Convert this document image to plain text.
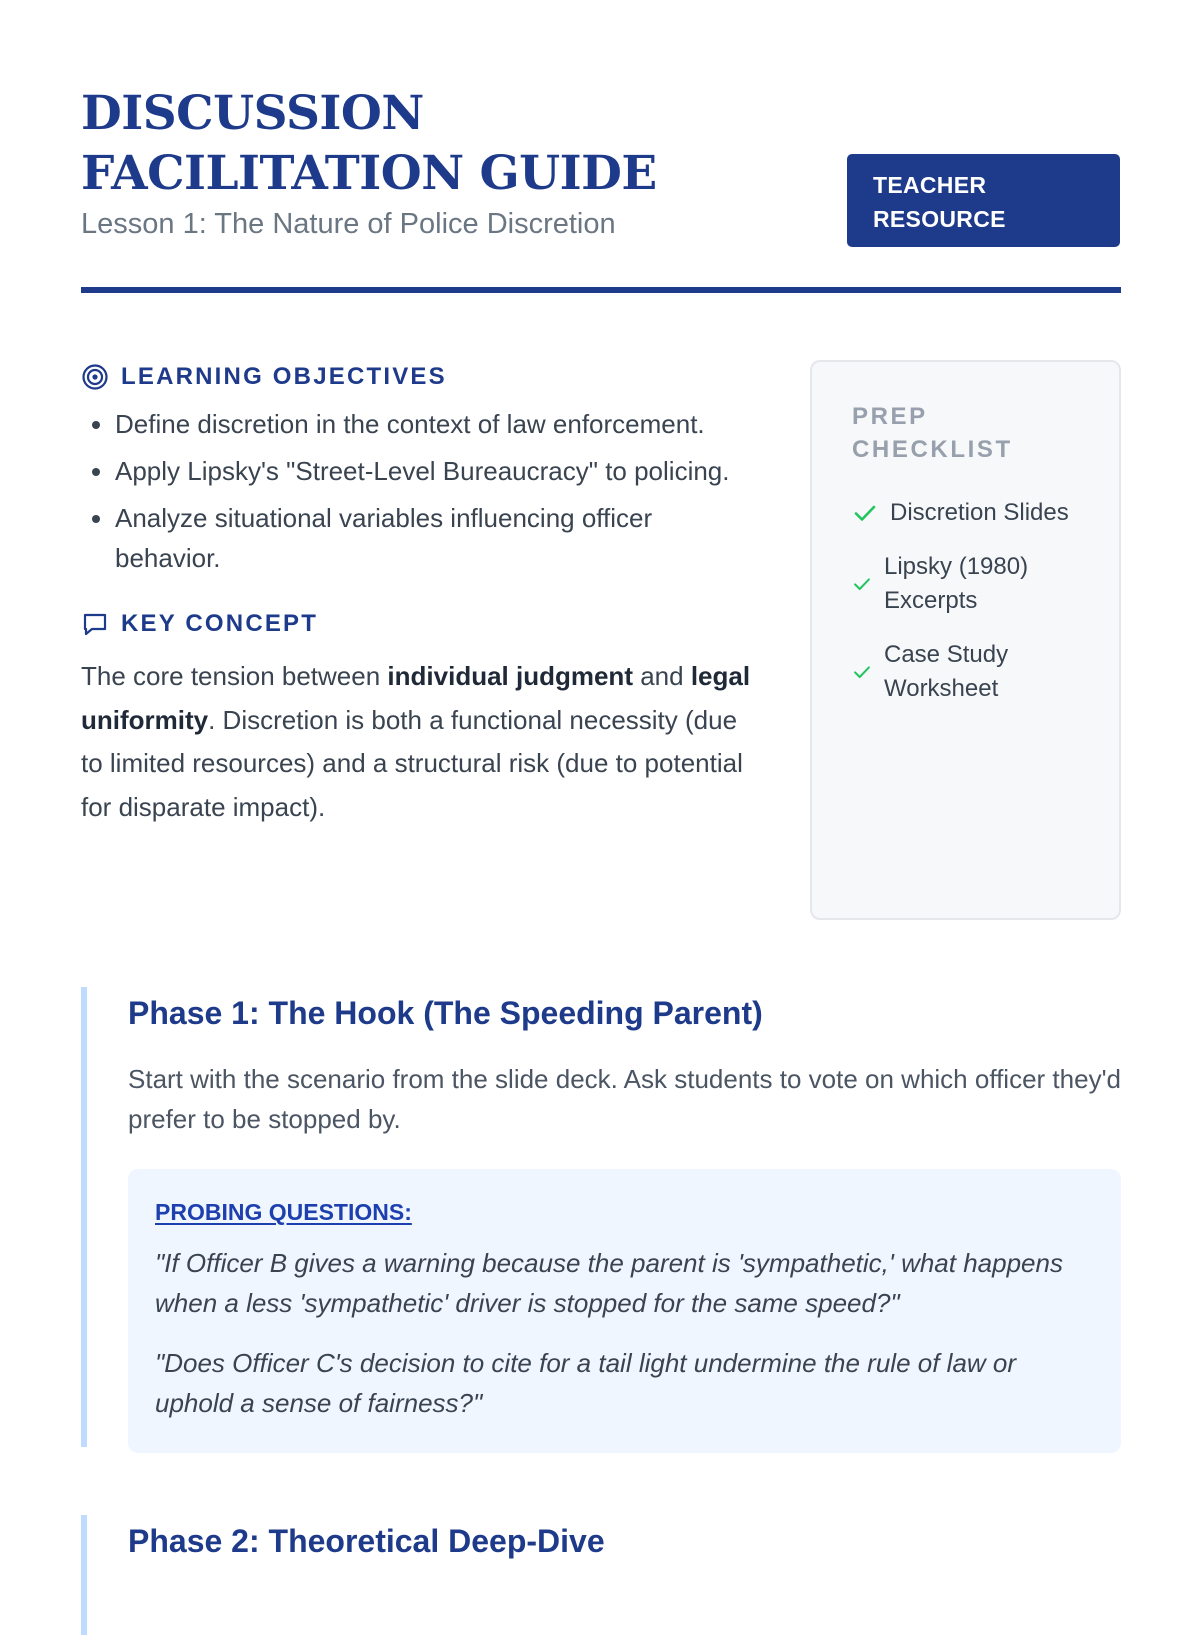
DISCUSSION FACILITATION GUIDE
Lesson 1: The Nature of Police Discretion
TEACHER RESOURCE
LEARNING OBJECTIVES
• Define discretion in the context of law enforcement.
• Apply Lipsky's "Street-Level Bureaucracy" to policing.
• Analyze situational variables influencing officer behavior.
KEY CONCEPT

The core tension between individual judgment and legal uniformity. Discretion is both a functional necessity (due to limited resources) and a structural risk (due to potential for disparate impact).

PREP CHECKLIST
Discretion Slides
Lipsky (1980) Excerpts
Case Study Worksheet
Phase 1: The Hook (The Speeding Parent)

Start with the scenario from the slide deck. Ask students to vote on which officer they'd prefer to be stopped by.

PROBING QUESTIONS:

"If Officer B gives a warning because the parent is 'sympathetic,' what happens when a less 'sympathetic' driver is stopped for the same speed?"

"Does Officer C's decision to cite for a tail light undermine the rule of law or uphold a sense of fairness?"

Phase 2: Theoretical Deep-Dive
